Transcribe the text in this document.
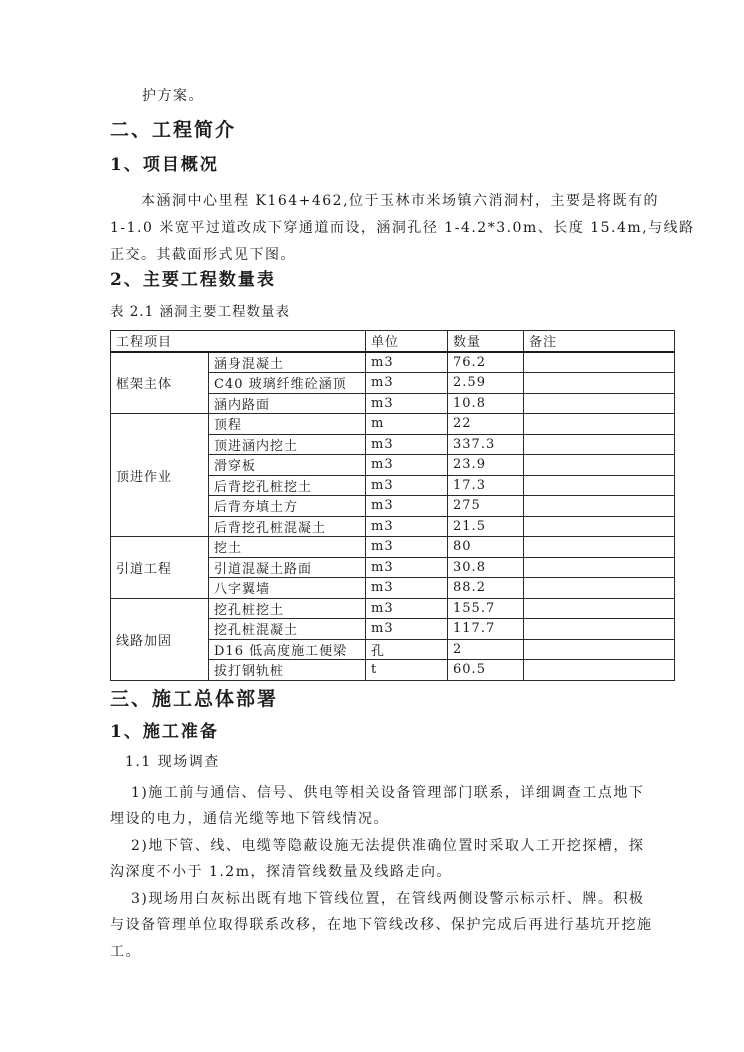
护方案。
二、工程简介
1、项目概况
本涵洞中心里程 K164+462,位于玉林市米场镇六消洞村，主要是将既有的
1-1.0 米宽平过道改成下穿通道而设，涵洞孔径 1-4.2*3.0m、长度 15.4m,与线路
正交。其截面形式见下图。
2、主要工程数量表
表 2.1 涵洞主要工程数量表
工程项目		单位	数量	备注
框架主体	涵身混凝土	m3	76.2	
	C40 玻璃纤维砼涵顶	m3	2.59	
	涵内路面	m3	10.8	
顶进作业	顶程	m	22	
	顶进涵内挖土	m3	337.3	
	滑穿板	m3	23.9	
	后背挖孔桩挖土	m3	17.3	
	后背夯填土方	m3	275	
	后背挖孔桩混凝土	m3	21.5	
引道工程	挖土	m3	80	
	引道混凝土路面	m3	30.8	
	八字翼墙	m3	88.2	
线路加固	挖孔桩挖土	m3	155.7	
	挖孔桩混凝土	m3	117.7	
	D16 低高度施工便梁	孔	2	
	拔打钢轨桩	t	60.5	
三、施工总体部署
1、施工准备
1.1 现场调查
1)施工前与通信、信号、供电等相关设备管理部门联系，详细调查工点地下
埋设的电力，通信光缆等地下管线情况。
2)地下管、线、电缆等隐蔽设施无法提供准确位置时采取人工开挖探槽，探
沟深度不小于 1.2m，探清管线数量及线路走向。
3)现场用白灰标出既有地下管线位置，在管线两侧设警示标示杆、牌。积极
与设备管理单位取得联系改移，在地下管线改移、保护完成后再进行基坑开挖施
工。
